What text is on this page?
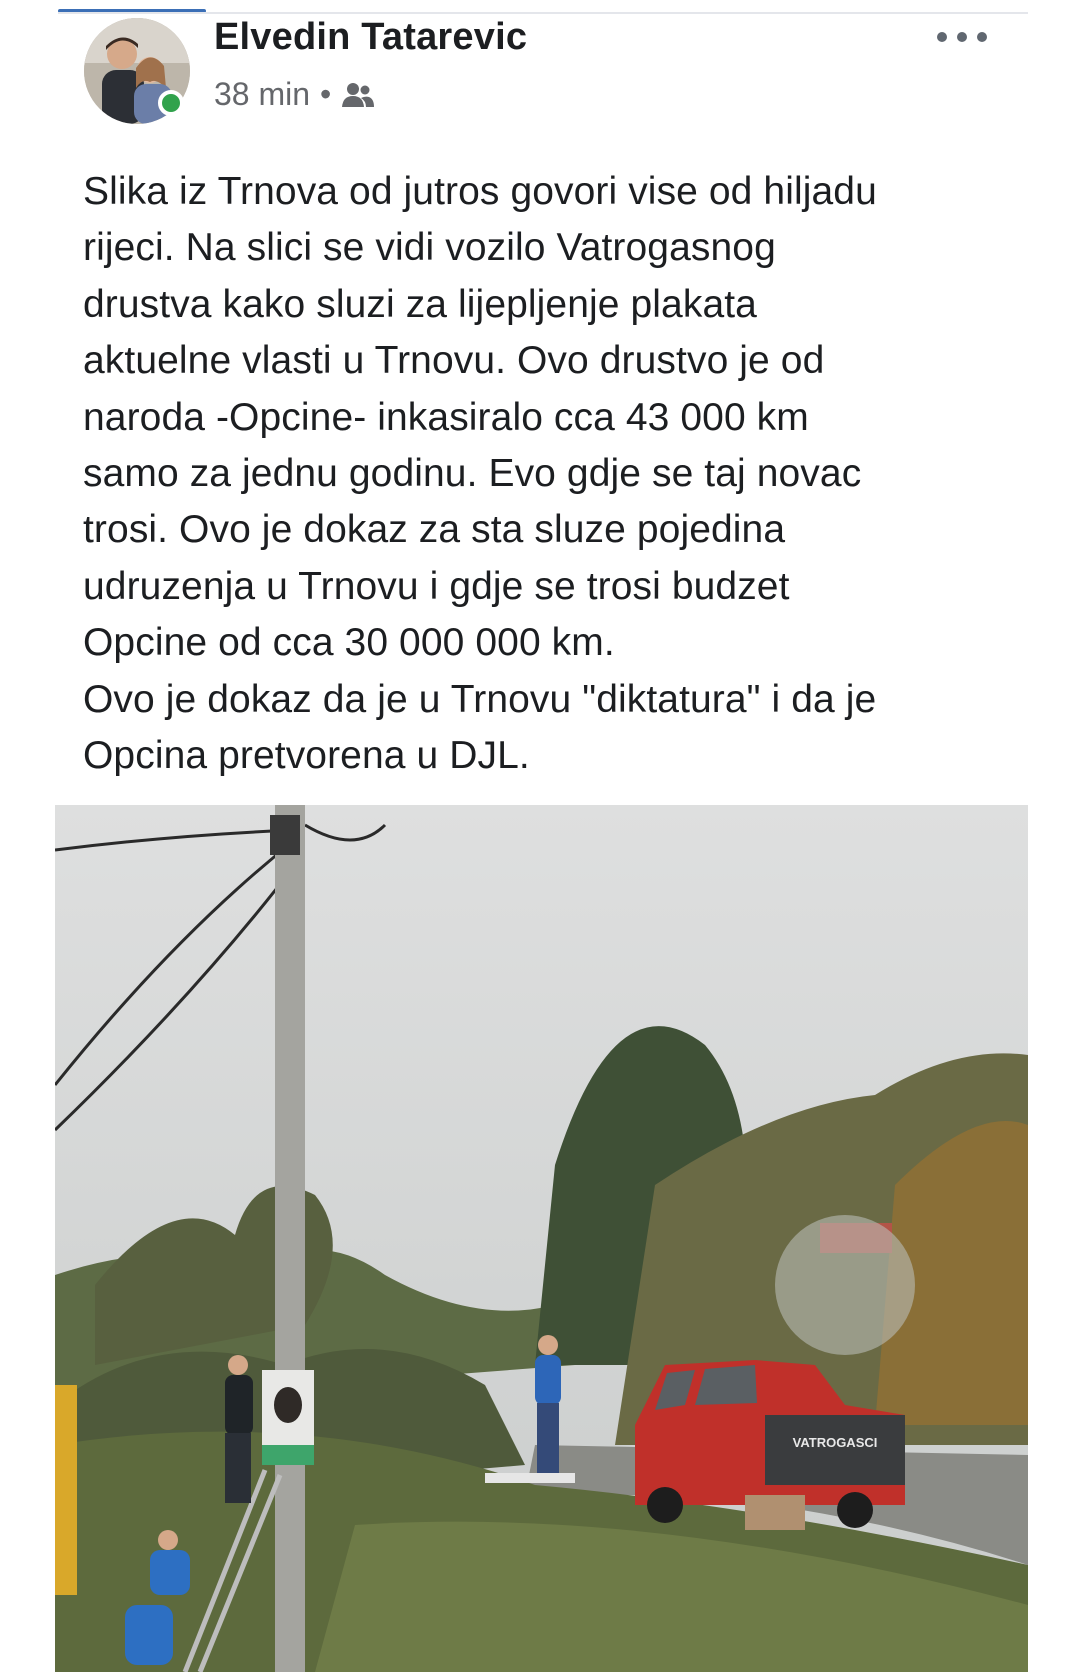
Elvedin Tatarevic
38 min •
Slika iz Trnova od jutros govori vise od hiljadu
rijeci. Na slici se vidi vozilo Vatrogasnog
drustva kako sluzi za lijepljenje plakata
aktuelne vlasti u Trnovu. Ovo drustvo je od
naroda -Opcine- inkasiralo cca 43 000 km
samo za jednu godinu. Evo gdje se taj novac
trosi. Ovo je dokaz za sta sluze pojedina
udruzenja u Trnovu i gdje se trosi budzet
Opcine od cca 30 000 000 km.
Ovo je dokaz da je u Trnovu "diktatura" i da je
Opcina pretvorena u DJL.
VATROGASCI
